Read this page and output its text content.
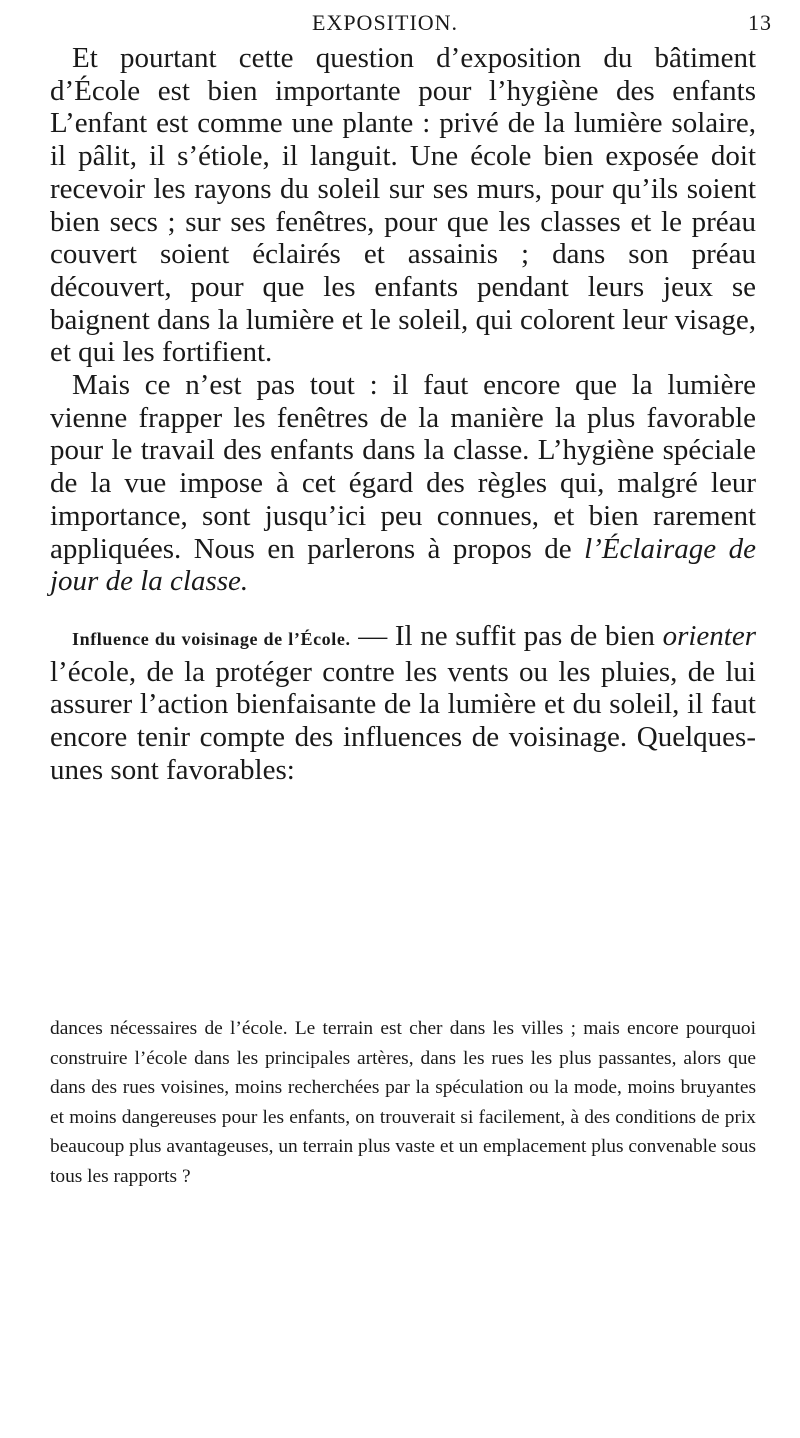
EXPOSITION.	13

Et pourtant cette question d’exposition du bâtiment d’École est bien importante pour l’hygiène des enfants L’enfant est comme une plante : privé de la lumière solaire, il pâlit, il s’étiole, il languit. Une école bien exposée doit recevoir les rayons du soleil sur ses murs, pour qu’ils soient bien secs ; sur ses fenêtres, pour que les classes et le préau couvert soient éclairés et assainis ; dans son préau découvert, pour que les enfants pendant leurs jeux se baignent dans la lumière et le soleil, qui colorent leur visage, et qui les fortifient.

Mais ce n’est pas tout : il faut encore que la lumière vienne frapper les fenêtres de la manière la plus favorable pour le travail des enfants dans la classe. L’hygiène spéciale de la vue impose à cet égard des règles qui, malgré leur importance, sont jusqu’ici peu connues, et bien rarement appliquées. Nous en parlerons à propos de l’Éclairage de jour de la classe.

Influence du voisinage de l’École. — Il ne suffit pas de bien orienter l’école, de la protéger contre les vents ou les pluies, de lui assurer l’action bienfaisante de la lumière et du soleil, il faut encore tenir compte des influences de voisinage. Quelques-unes sont favorables:

dances nécessaires de l’école. Le terrain est cher dans les villes ; mais encore pourquoi construire l’école dans les principales artères, dans les rues les plus passantes, alors que dans des rues voisines, moins recherchées par la spéculation ou la mode, moins bruyantes et moins dangereuses pour les enfants, on trouverait si facilement, à des conditions de prix beaucoup plus avantageuses, un terrain plus vaste et un emplacement plus convenable sous tous les rapports ?
